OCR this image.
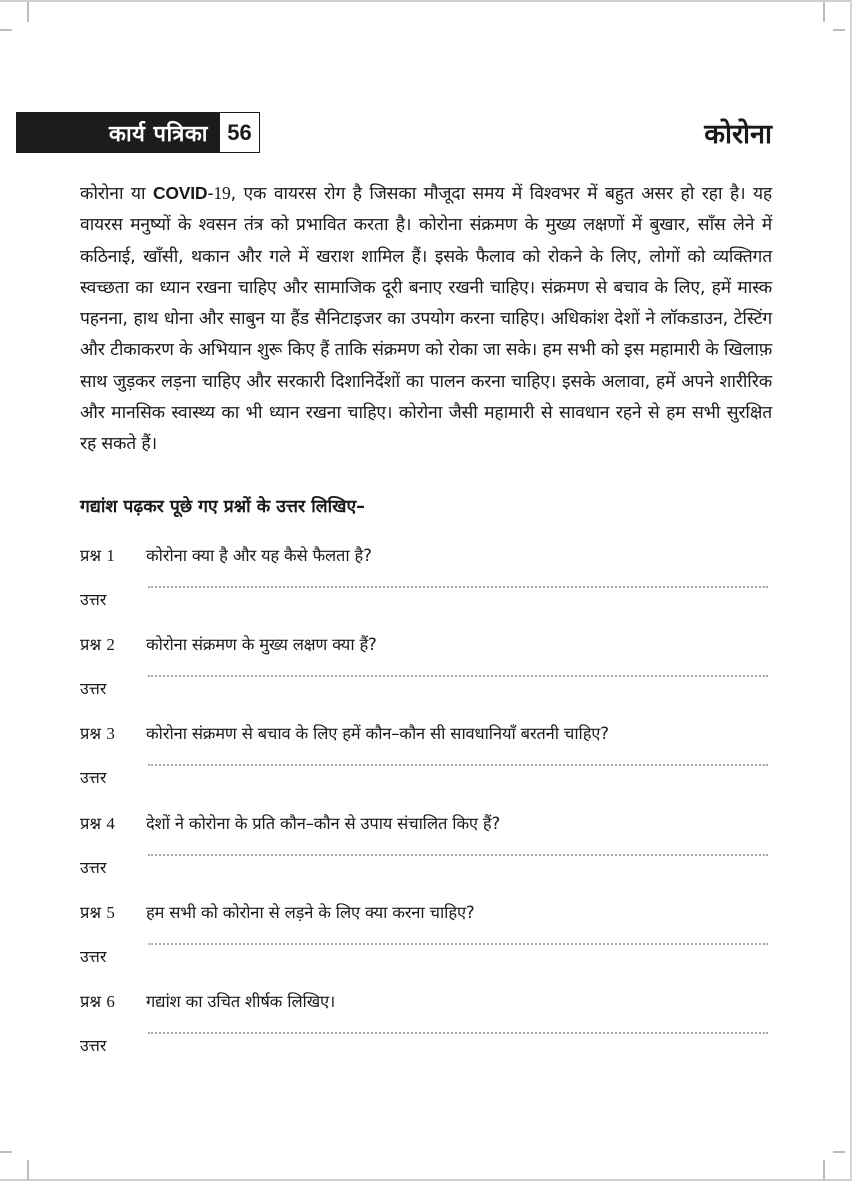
कार्य पत्रिका 56	कोरोना
कोरोना या COVID-19, एक वायरस रोग है जिसका मौजूदा समय में विश्वभर में बहुत असर हो रहा है। यह वायरस मनुष्यों के श्वसन तंत्र को प्रभावित करता है। कोरोना संक्रमण के मुख्य लक्षणों में बुखार, साँस लेने में कठिनाई, खाँसी, थकान और गले में खराश शामिल हैं। इसके फैलाव को रोकने के लिए, लोगों को व्यक्तिगत स्वच्छता का ध्यान रखना चाहिए और सामाजिक दूरी बनाए रखनी चाहिए। संक्रमण से बचाव के लिए, हमें मास्क पहनना, हाथ धोना और साबुन या हैंड सैनिटाइजर का उपयोग करना चाहिए। अधिकांश देशों ने लॉकडाउन, टेस्टिंग और टीकाकरण के अभियान शुरू किए हैं ताकि संक्रमण को रोका जा सके। हम सभी को इस महामारी के खिलाफ़ साथ जुड़कर लड़ना चाहिए और सरकारी दिशानिर्देशों का पालन करना चाहिए। इसके अलावा, हमें अपने शारीरिक और मानसिक स्वास्थ्य का भी ध्यान रखना चाहिए। कोरोना जैसी महामारी से सावधान रहने से हम सभी सुरक्षित रह सकते हैं।
गद्यांश पढ़कर पूछे गए प्रश्नों के उत्तर लिखिए–
प्रश्न 1	कोरोना क्या है और यह कैसे फैलता है?
उत्तर
प्रश्न 2	कोरोना संक्रमण के मुख्य लक्षण क्या हैं?
उत्तर
प्रश्न 3	कोरोना संक्रमण से बचाव के लिए हमें कौन–कौन सी सावधानियाँ बरतनी चाहिए?
उत्तर
प्रश्न 4	देशों ने कोरोना के प्रति कौन–कौन से उपाय संचालित किए हैं?
उत्तर
प्रश्न 5	हम सभी को कोरोना से लड़ने के लिए क्या करना चाहिए?
उत्तर
प्रश्न 6	गद्यांश का उचित शीर्षक लिखिए।
उत्तर
